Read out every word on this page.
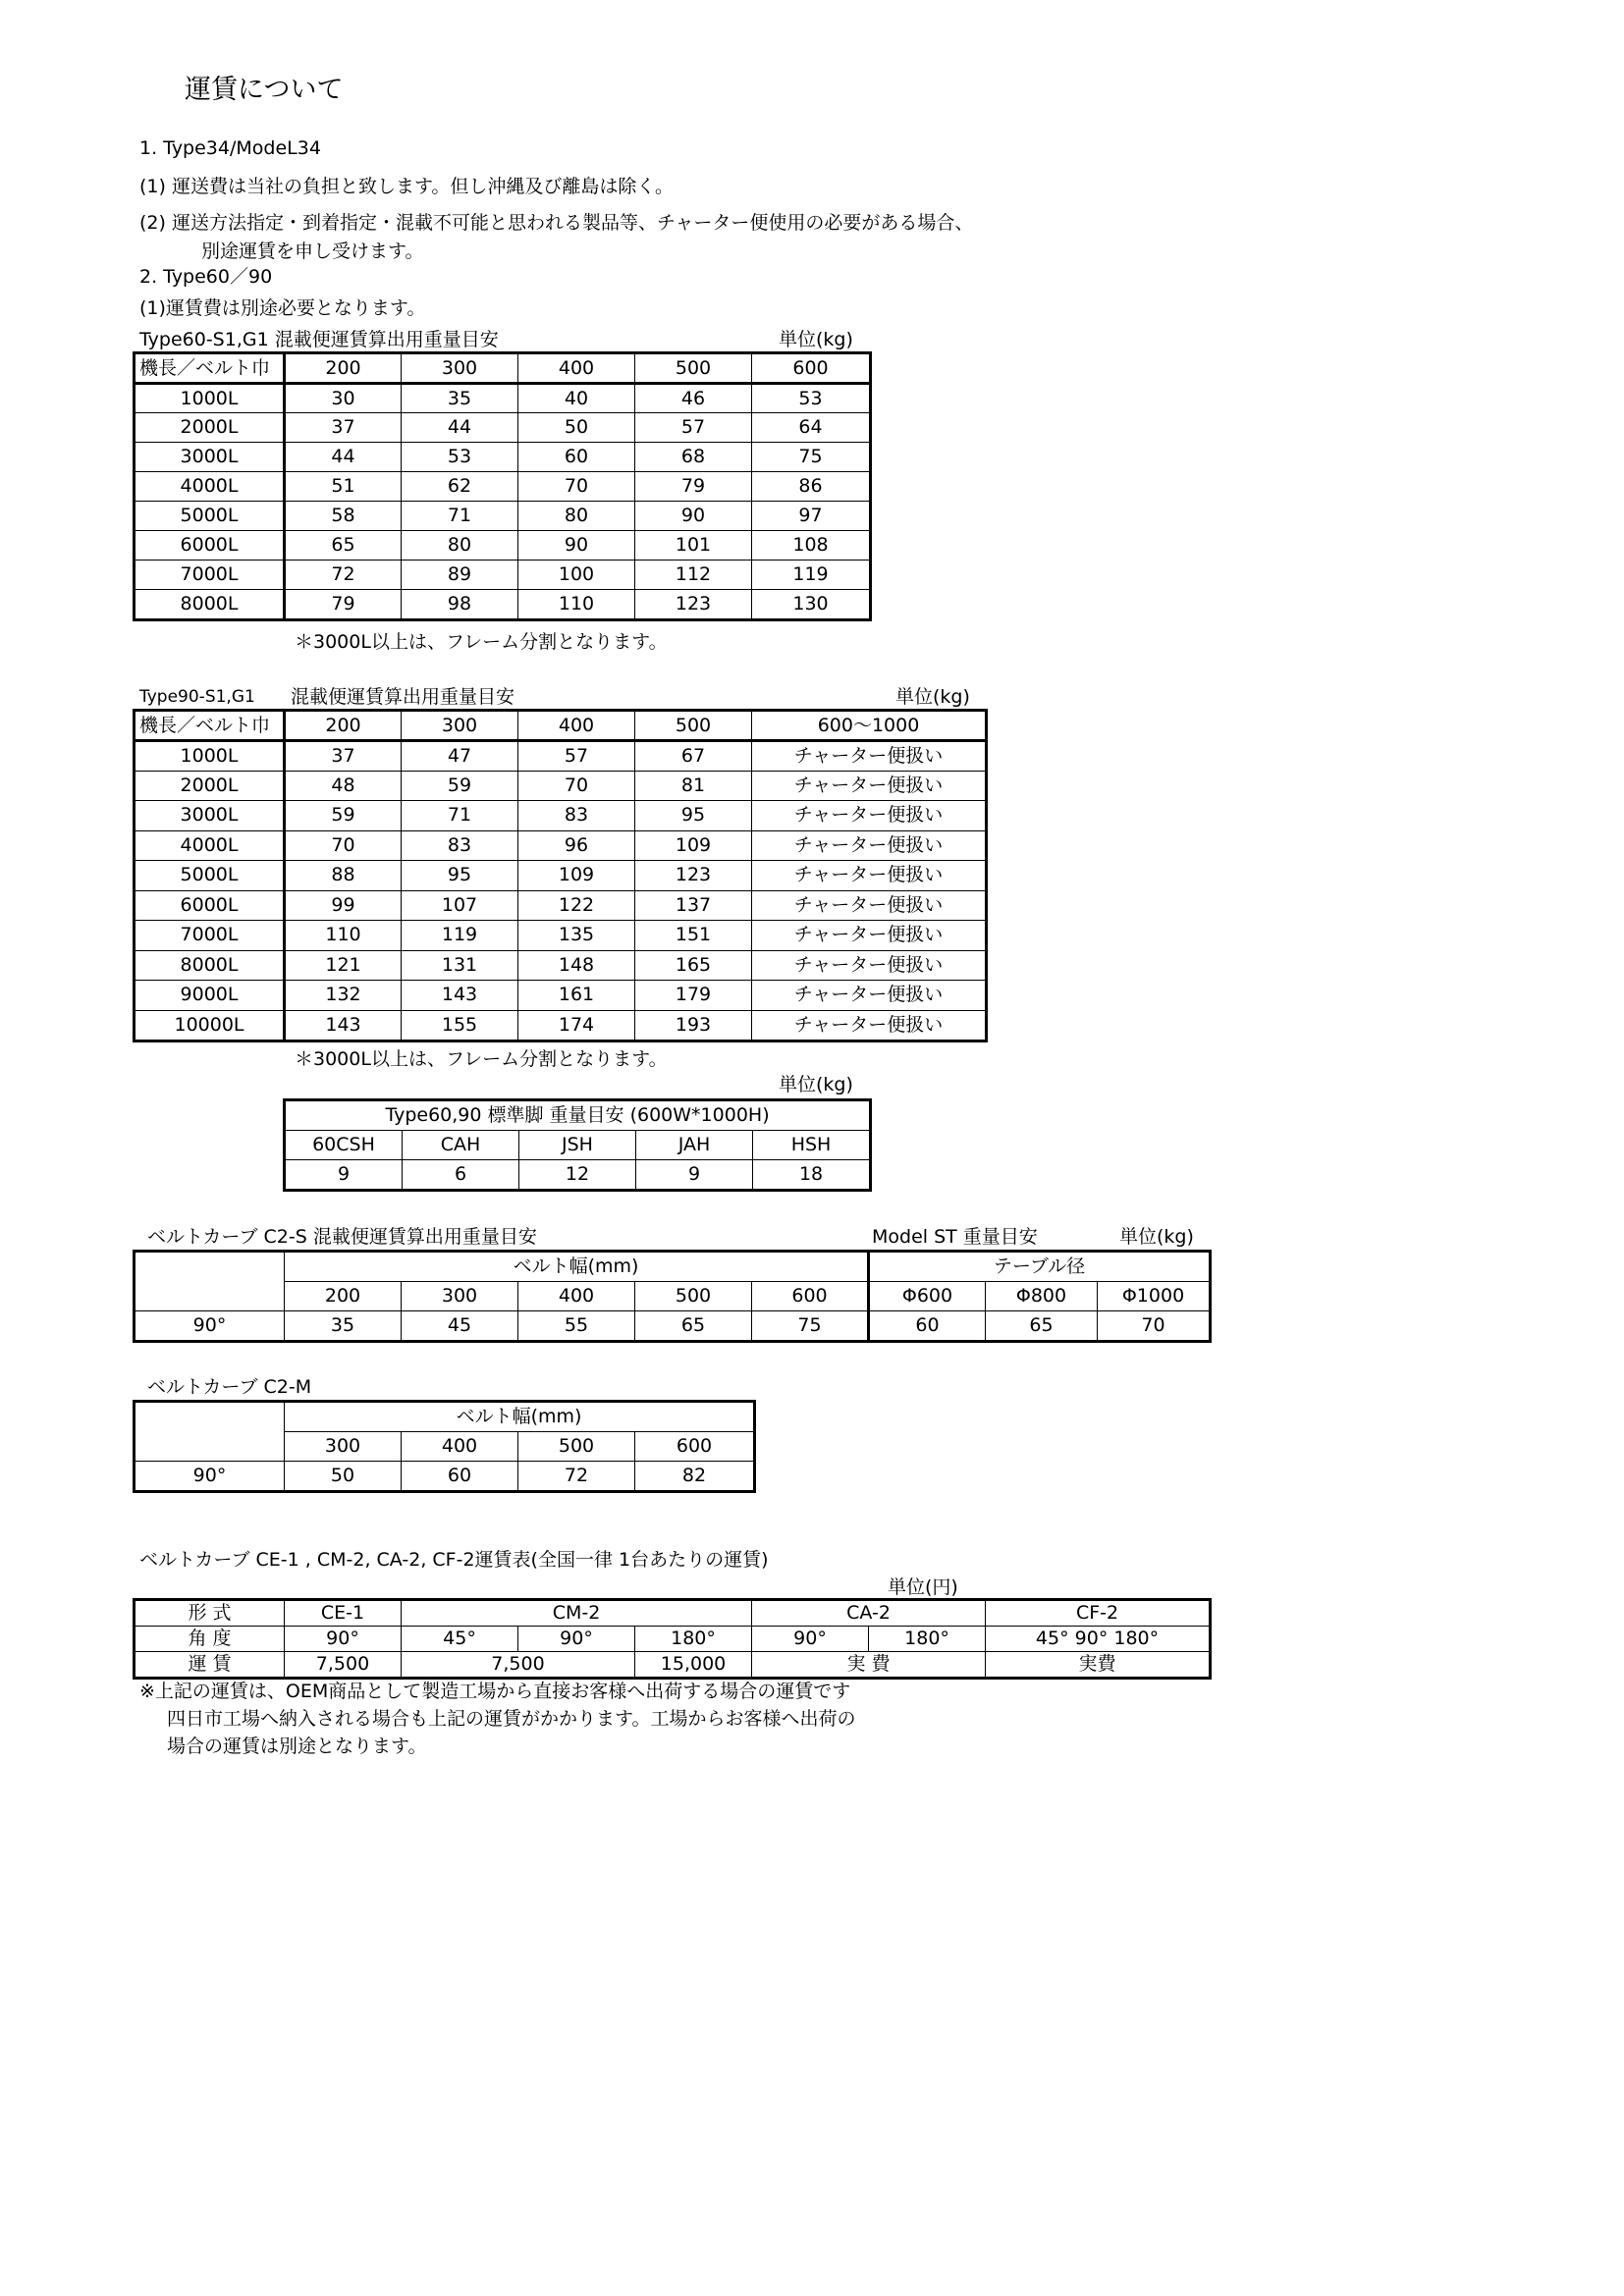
運賃について
1. Type34/ModeL34
(1) 運送費は当社の負担と致します。但し沖縄及び離島は除く。
(2) 運送方法指定・到着指定・混載不可能と思われる製品等、チャーター便使用の必要がある場合、
別途運賃を申し受けます。
2. Type60／90
(1)運賃費は別途必要となります。
Type60-S1,G1 混載便運賃算出用重量目安	単位(kg)
機長／ベルト巾	200	300	400	500	600
1000L	30	35	40	46	53
2000L	37	44	50	57	64
3000L	44	53	60	68	75
4000L	51	62	70	79	86
5000L	58	71	80	90	97
6000L	65	80	90	101	108
7000L	72	89	100	112	119
8000L	79	98	110	123	130
＊3000L以上は、フレーム分割となります。
Type90-S1,G1 混載便運賃算出用重量目安	単位(kg)
機長／ベルト巾	200	300	400	500	600～1000
1000L	37	47	57	67	チャーター便扱い
2000L	48	59	70	81	チャーター便扱い
3000L	59	71	83	95	チャーター便扱い
4000L	70	83	96	109	チャーター便扱い
5000L	88	95	109	123	チャーター便扱い
6000L	99	107	122	137	チャーター便扱い
7000L	110	119	135	151	チャーター便扱い
8000L	121	131	148	165	チャーター便扱い
9000L	132	143	161	179	チャーター便扱い
10000L	143	155	174	193	チャーター便扱い
＊3000L以上は、フレーム分割となります。
単位(kg)
Type60,90 標準脚 重量目安 (600W*1000H)				
60CSH	CAH	JSH	JAH	HSH
9	6	12	9	18
ベルトカーブ C2-S 混載便運賃算出用重量目安	Model ST 重量目安	単位(kg)
	ベルト幅(mm)					テーブル径		
	200	300	400	500	600	Φ600	Φ800	Φ1000
90°	35	45	55	65	75	60	65	70
ベルトカーブ C2-M
	ベルト幅(mm)			
	300	400	500	600
90°	50	60	72	82
ベルトカーブ CE-1 , CM-2, CA-2, CF-2運賃表(全国一律 1台あたりの運賃)
単位(円)
形 式	CE-1	CM-2			CA-2		CF-2
角 度	90°	45°	90°	180°	90°	180°	45° 90° 180°
運 賃	7,500	7,500		15,000	実 費		実費
※上記の運賃は、OEM商品として製造工場から直接お客様へ出荷する場合の運賃です
四日市工場へ納入される場合も上記の運賃がかかります。工場からお客様へ出荷の
場合の運賃は別途となります。
